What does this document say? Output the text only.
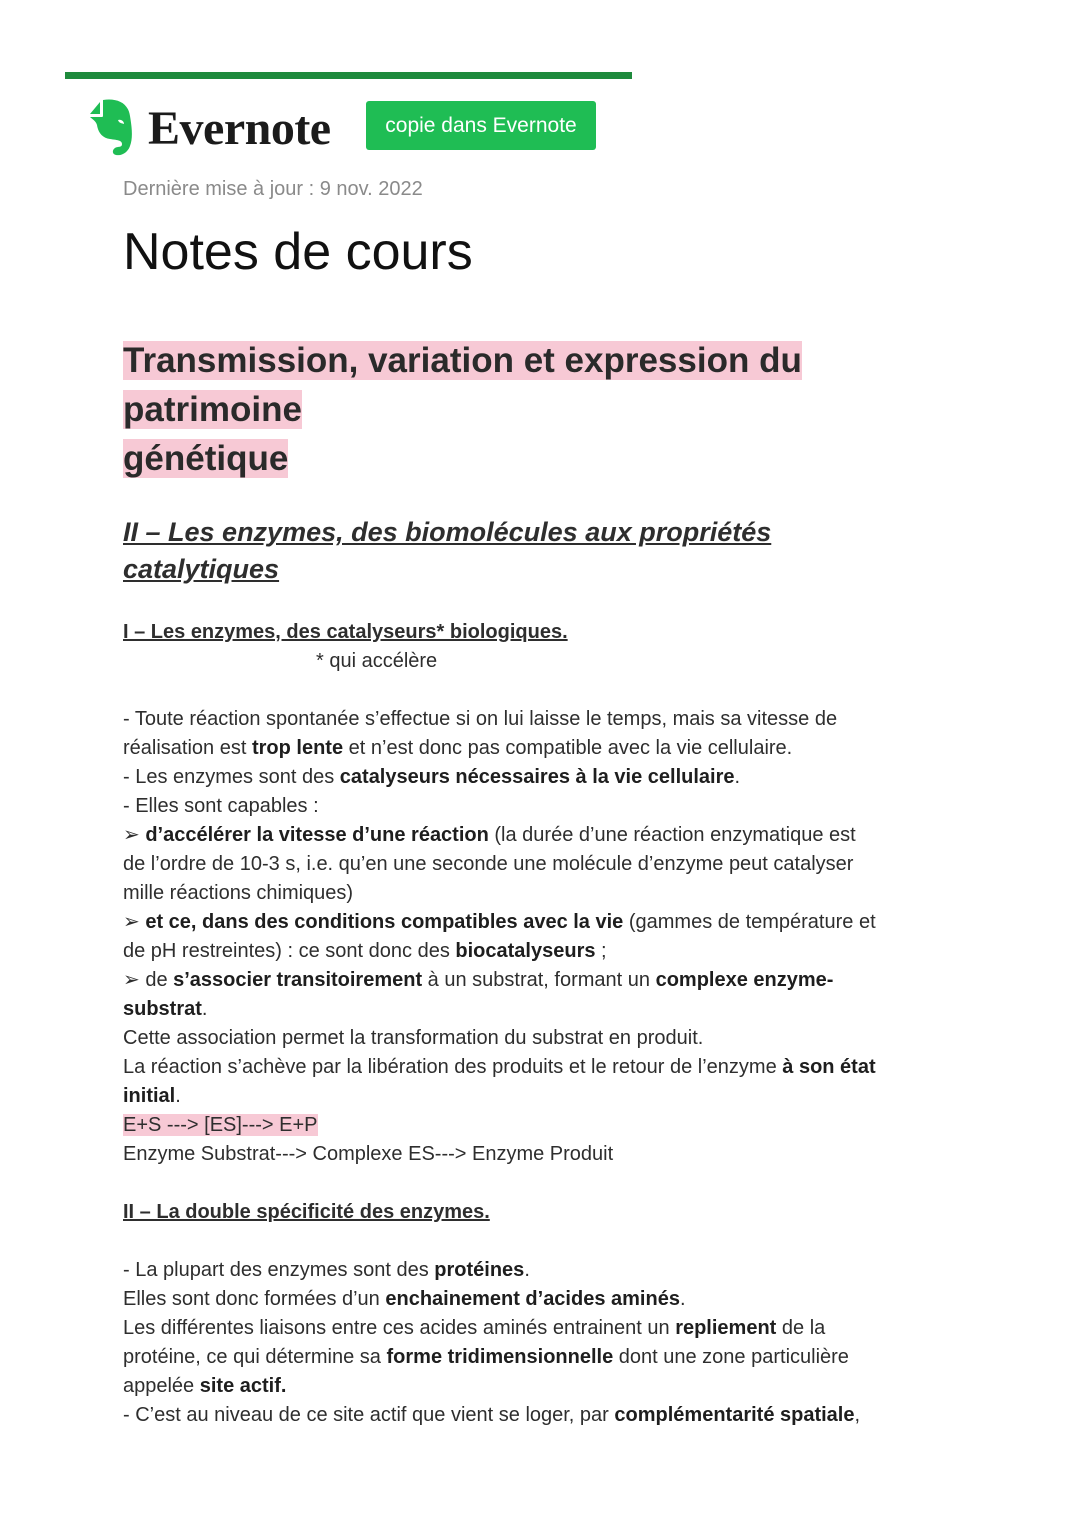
Evernote	copie dans Evernote
Dernière mise à jour : 9 nov. 2022
Notes de cours
Transmission, variation et expression du patrimoine
génétique
II – Les enzymes, des biomolécules aux propriétés
catalytiques
I – Les enzymes, des catalyseurs* biologiques.

* qui accélère

- Toute réaction spontanée s’effectue si on lui laisse le temps, mais sa vitesse de
réalisation est trop lente et n’est donc pas compatible avec la vie cellulaire.

- Les enzymes sont des catalyseurs nécessaires à la vie cellulaire.

- Elles sont capables :

➢ d’accélérer la vitesse d’une réaction (la durée d’une réaction enzymatique est
de l’ordre de 10-3 s, i.e. qu’en une seconde une molécule d’enzyme peut catalyser
mille réactions chimiques)

➢ et ce, dans des conditions compatibles avec la vie (gammes de température et
de pH restreintes) : ce sont donc des biocatalyseurs ;

➢ de s’associer transitoirement à un substrat, formant un complexe enzyme-
substrat.

Cette association permet la transformation du substrat en produit.

La réaction s’achève par la libération des produits et le retour de l’enzyme à son état
initial.

E+S ---> [ES]---> E+P

Enzyme Substrat---> Complexe ES---> Enzyme Produit

II – La double spécificité des enzymes.

- La plupart des enzymes sont des protéines.

Elles sont donc formées d’un enchainement d’acides aminés.

Les différentes liaisons entre ces acides aminés entrainent un repliement de la
protéine, ce qui détermine sa forme tridimensionnelle dont une zone particulière
appelée site actif.

- C’est au niveau de ce site actif que vient se loger, par complémentarité spatiale,
